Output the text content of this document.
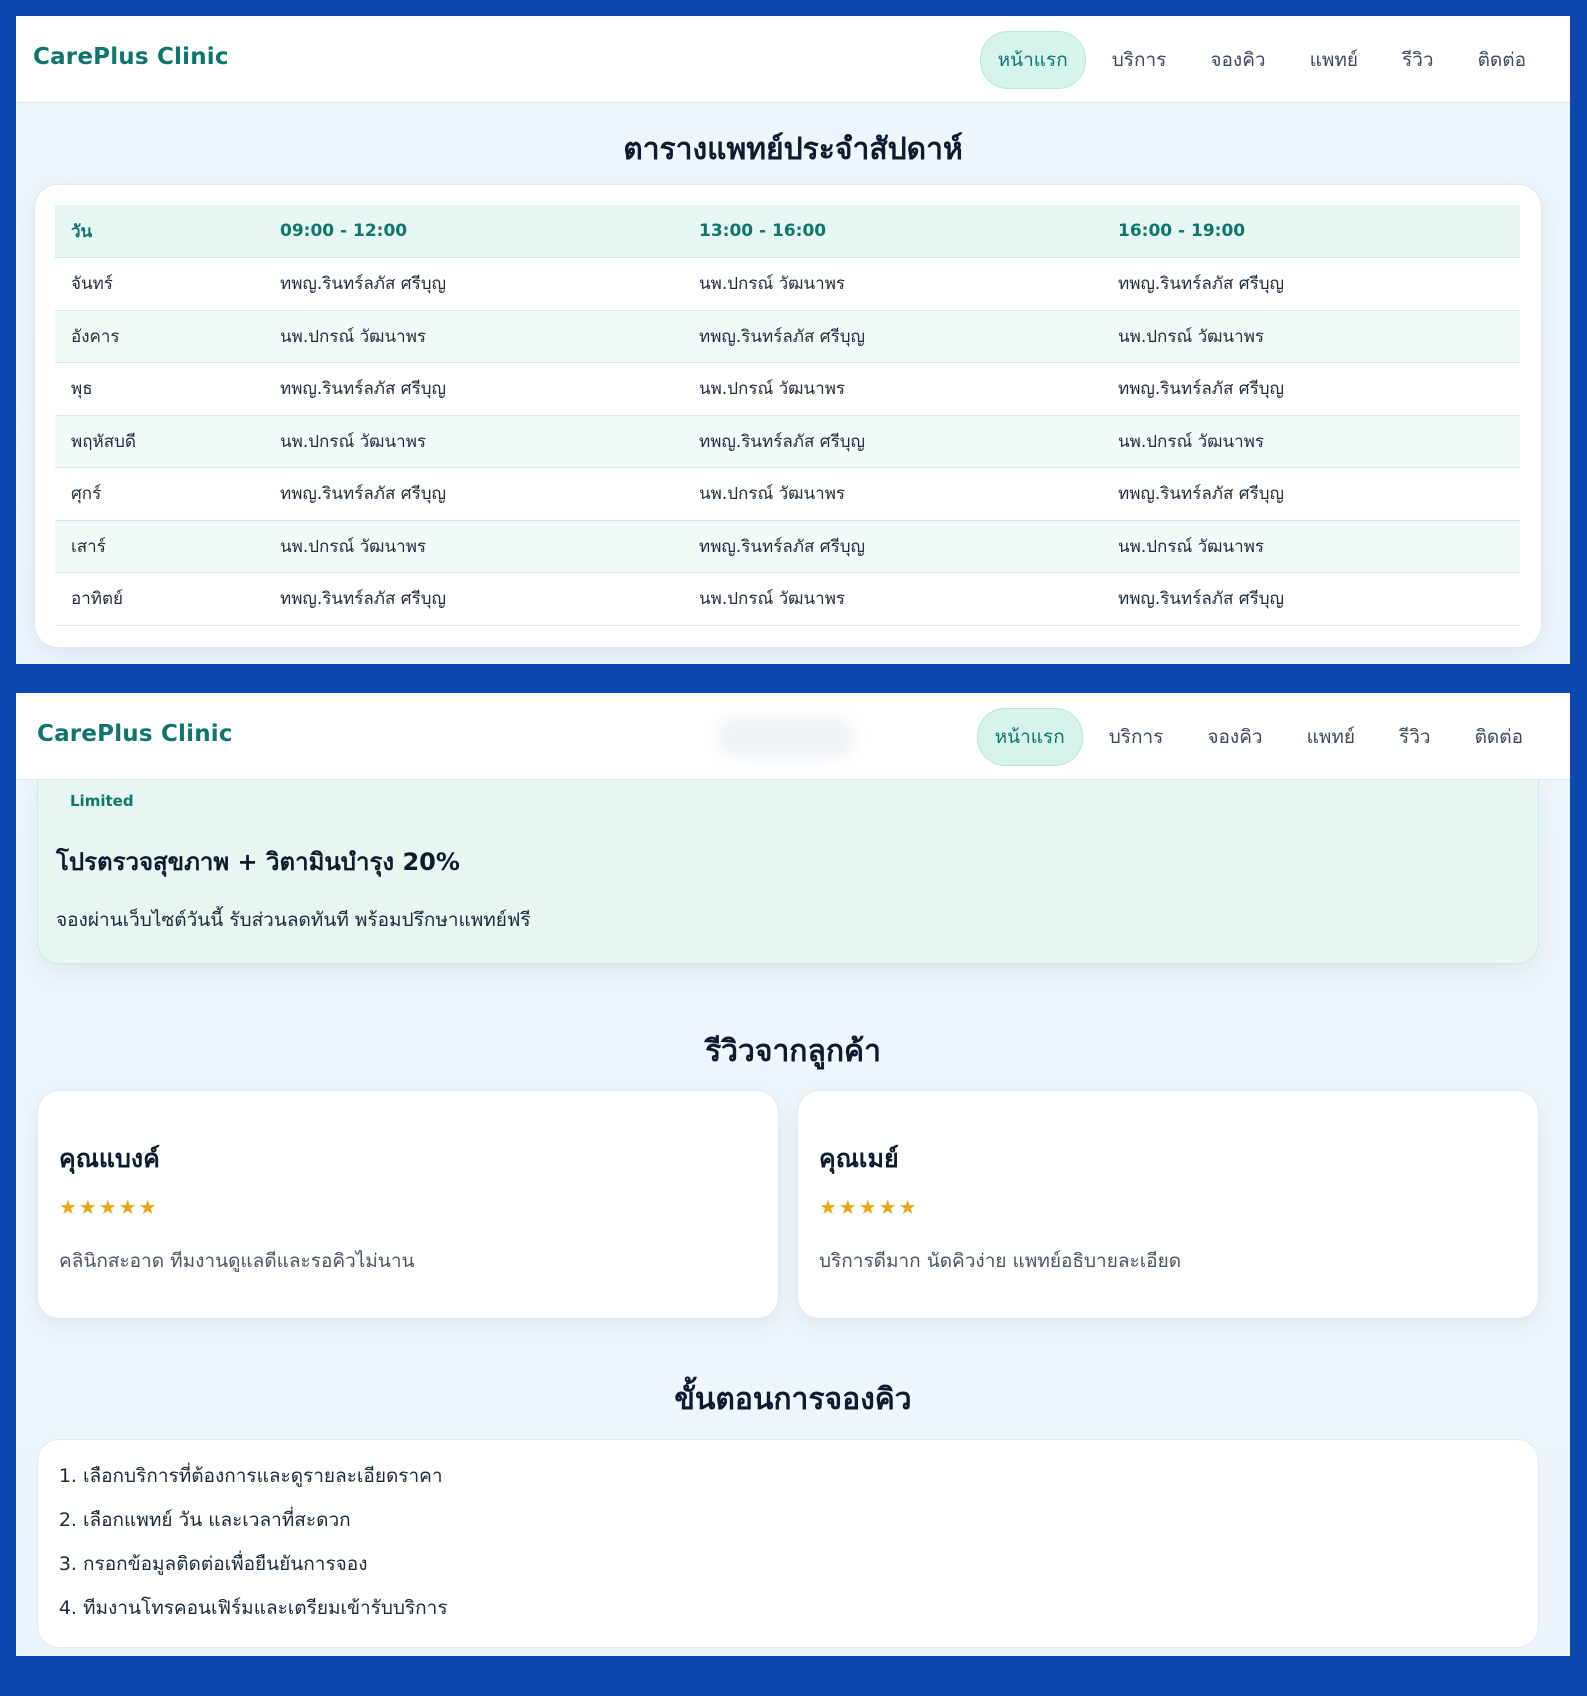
CarePlus Clinic	หน้าแรก	บริการ	จองคิว	แพทย์	รีวิว	ติดต่อ
ตารางแพทย์ประจำสัปดาห์
วัน	09:00 - 12:00	13:00 - 16:00	16:00 - 19:00
จันทร์	ทพญ.รินทร์ลภัส ศรีบุญ	นพ.ปกรณ์ วัฒนาพร	ทพญ.รินทร์ลภัส ศรีบุญ
อังคาร	นพ.ปกรณ์ วัฒนาพร	ทพญ.รินทร์ลภัส ศรีบุญ	นพ.ปกรณ์ วัฒนาพร
พุธ	ทพญ.รินทร์ลภัส ศรีบุญ	นพ.ปกรณ์ วัฒนาพร	ทพญ.รินทร์ลภัส ศรีบุญ
พฤหัสบดี	นพ.ปกรณ์ วัฒนาพร	ทพญ.รินทร์ลภัส ศรีบุญ	นพ.ปกรณ์ วัฒนาพร
ศุกร์	ทพญ.รินทร์ลภัส ศรีบุญ	นพ.ปกรณ์ วัฒนาพร	ทพญ.รินทร์ลภัส ศรีบุญ
เสาร์	นพ.ปกรณ์ วัฒนาพร	ทพญ.รินทร์ลภัส ศรีบุญ	นพ.ปกรณ์ วัฒนาพร
อาทิตย์	ทพญ.รินทร์ลภัส ศรีบุญ	นพ.ปกรณ์ วัฒนาพร	ทพญ.รินทร์ลภัส ศรีบุญ
Limited
โปรตรวจสุขภาพ + วิตามินบำรุง 20%
จองผ่านเว็บไซต์วันนี้ รับส่วนลดทันที พร้อมปรึกษาแพทย์ฟรี
CarePlus Clinic	หน้าแรก	บริการ	จองคิว	แพทย์	รีวิว	ติดต่อ
รีวิวจากลูกค้า
คุณแบงค์
★★★★★
คลินิกสะอาด ทีมงานดูแลดีและรอคิวไม่นาน
คุณเมย์
★★★★★
บริการดีมาก นัดคิวง่าย แพทย์อธิบายละเอียด
ขั้นตอนการจองคิว
1. เลือกบริการที่ต้องการและดูรายละเอียดราคา
2. เลือกแพทย์ วัน และเวลาที่สะดวก
3. กรอกข้อมูลติดต่อเพื่อยืนยันการจอง
4. ทีมงานโทรคอนเฟิร์มและเตรียมเข้ารับบริการ
